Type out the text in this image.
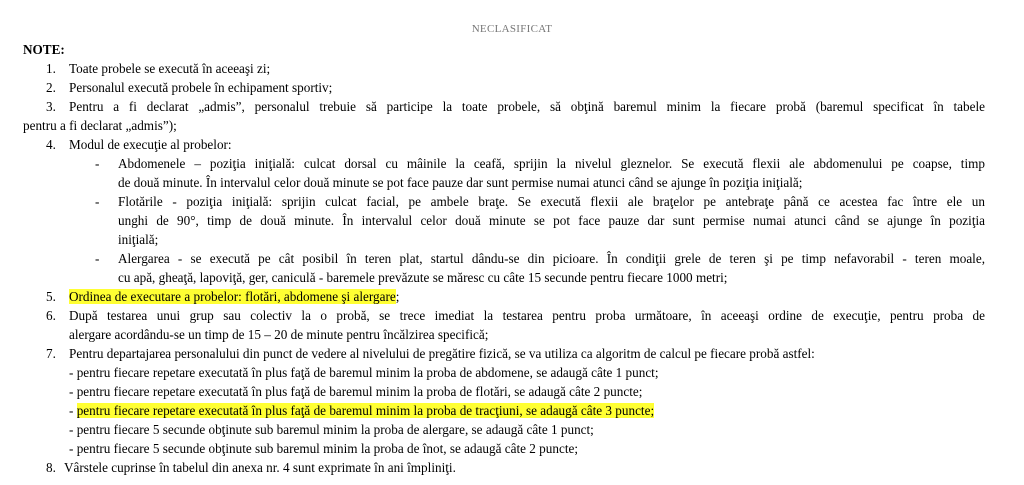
NECLASIFICAT
NOTE:
1. Toate probele se execută în aceeaşi zi;
2. Personalul execută probele în echipament sportiv;
3. Pentru a fi declarat „admis”, personalul trebuie să participe la toate probele, să obţină baremul minim la fiecare probă (baremul specificat în tabele
pentru a fi declarat „admis”);
4. Modul de execuţie al probelor:
- Abdomenele – poziţia iniţială: culcat dorsal cu mâinile la ceafă, sprijin la nivelul gleznelor. Se execută flexii ale abdomenului pe coapse, timp
de două minute. În intervalul celor două minute se pot face pauze dar sunt permise numai atunci când se ajunge în poziţia iniţială;
- Flotările - poziţia iniţială: sprijin culcat facial, pe ambele braţe. Se execută flexii ale braţelor pe antebraţe până ce acestea fac între ele un
unghi de 90°, timp de două minute. În intervalul celor două minute se pot face pauze dar sunt permise numai atunci când se ajunge în poziţia
iniţială;
- Alergarea - se execută pe cât posibil în teren plat, startul dându-se din picioare. În condiţii grele de teren şi pe timp nefavorabil - teren moale,
cu apă, gheaţă, lapoviţă, ger, caniculă - baremele prevăzute se măresc cu câte 15 secunde pentru fiecare 1000 metri;
5. Ordinea de executare a probelor: flotări, abdomene şi alergare;
6. După testarea unui grup sau colectiv la o probă, se trece imediat la testarea pentru proba următoare, în aceeaşi ordine de execuţie, pentru proba de
alergare acordându-se un timp de 15 – 20 de minute pentru încălzirea specifică;
7. Pentru departajarea personalului din punct de vedere al nivelului de pregătire fizică, se va utiliza ca algoritm de calcul pe fiecare probă astfel:
- pentru fiecare repetare executată în plus faţă de baremul minim la proba de abdomene, se adaugă câte 1 punct;
- pentru fiecare repetare executată în plus faţă de baremul minim la proba de flotări, se adaugă câte 2 puncte;
- pentru fiecare repetare executată în plus faţă de baremul minim la proba de tracţiuni, se adaugă câte 3 puncte;
- pentru fiecare 5 secunde obţinute sub baremul minim la proba de alergare, se adaugă câte 1 punct;
- pentru fiecare 5 secunde obţinute sub baremul minim la proba de înot, se adaugă câte 2 puncte;
8. Vârstele cuprinse în tabelul din anexa nr. 4 sunt exprimate în ani împliniţi.
